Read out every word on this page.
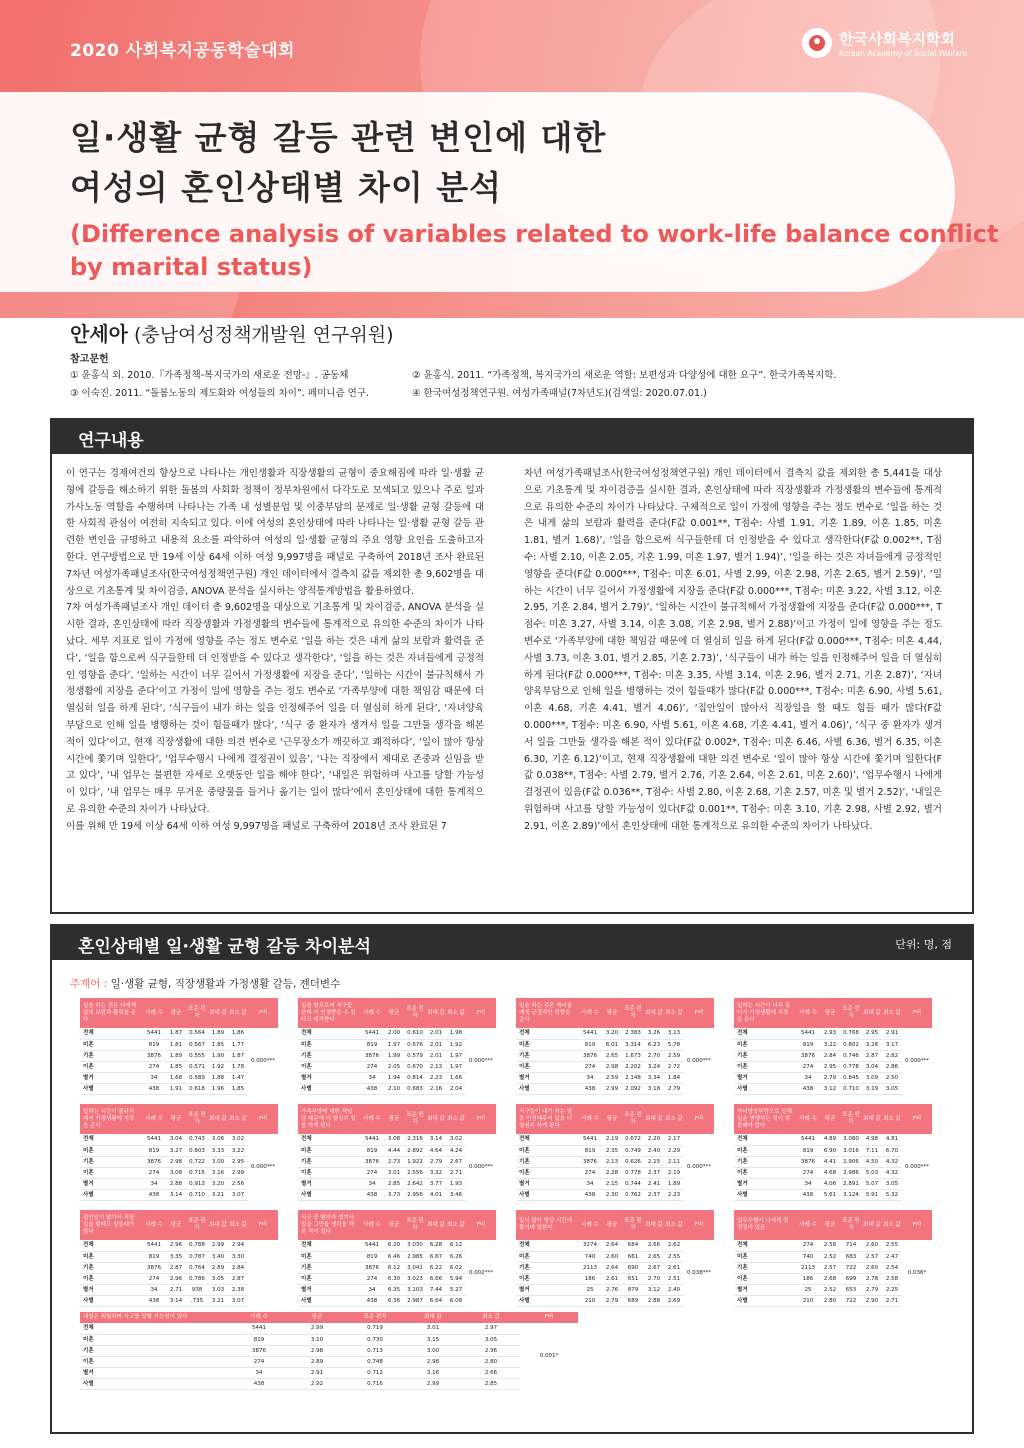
2020 사회복지공동학술대회
한국사회복지학회
Korean Academy of Social Welfare
일·생활 균형 갈등 관련 변인에 대한
여성의 혼인상태별 차이 분석
(Difference analysis of variables related to work-life balance conflict
by marital status)
안세아 (충남여성정책개발원 연구위원)
참고문헌
① 윤홍식 외. 2010.『가족정책-복지국가의 새로운 전망-』. 공동체	② 윤홍식. 2011. “가족정책, 복지국가의 새로운 역할: 보편성과 다양성에 대한 요구”. 한국가족복지학.
③ 이숙진. 2011. “돌봄노동의 제도화와 여성들의 차이”. 페미니즘 연구.	④ 한국여성정책연구원. 여성가족패널(7차년도)(검색일: 2020.07.01.)
연구내용

이 연구는 경제여건의 향상으로 나타나는 개인생활과 직장생활의 균형이 중요해짐에 따라 일·생활 균형에 갈등을 해소하기 위한 돌봄의 사회화 정책이 정부차원에서 다각도로 모색되고 있으나 주로 일과 가사노동 역할을 수행하며 나타나는 가족 내 성별분업 및 이중부담의 문제로 일·생활 균형 갈등에 대한 사회적 관심이 여전히 지속되고 있다. 이에 여성의 혼인상태에 따라 나타나는 일·생활 균형 갈등 관련한 변인을 규명하고 내용적 요소를 파악하여 여성의 일·생활 균형의 주요 영향 요인을 도출하고자 한다. 연구방법으로 만 19세 이상 64세 이하 여성 9,997명을 패널로 구축하여 2018년 조사 완료된 7차년 여성가족패널조사(한국여성정책연구원) 개인 데이터에서 결측치 값을 제외한 총 9,602명을 대상으로 기초통계 및 차이검증, ANOVA 분석을 실시하는 양적통계방법을 활용하였다.

7차 여성가족패널조사 개인 데이터 총 9,602명을 대상으로 기초통계 및 차이검증, ANOVA 분석을 실시한 결과, 혼인상태에 따라 직장생활과 가정생활의 변수들에 통계적으로 유의한 수준의 차이가 나타났다. 세부 지표로 일이 가정에 영향을 주는 정도 변수로 ‘일을 하는 것은 내게 삶의 보람과 활력을 준다’, ‘일을 함으로써 식구들한테 더 인정받을 수 있다고 생각한다’, ‘일을 하는 것은 자녀들에게 긍정적인 영향을 준다’, ‘일하는 시간이 너무 길어서 가정생활에 지장을 준다’, ‘일하는 시간이 불규칙해서 가정생활에 지장을 준다’이고 가정이 일에 영향을 주는 정도 변수로 ‘가족부양에 대한 책임감 때문에 더 열심히 일을 하게 된다’, ‘식구들이 내가 하는 일을 인정해주어 일을 더 열심히 하게 된다’, ‘자녀양육부담으로 인해 일을 병행하는 것이 힘들때가 많다’, ‘식구 중 환자가 생겨서 일을 그만둘 생각을 해본 적이 있다’이고, 현재 직장생활에 대한 의견 변수로 ‘근무장소가 깨끗하고 쾌적하다’, ‘일이 많아 항상 시간에 쫓기며 일한다’, ‘업무수행시 나에게 결정권이 있음’, ‘나는 직장에서 제대로 존중과 신임을 받고 있다’, ‘내 업무는 불편한 자세로 오랫동안 일을 해야 한다’, ‘내일은 위험하며 사고를 당할 가능성이 있다’, ‘내 업무는 매우 무거운 중량물을 들거나 옮기는 일이 많다’에서 혼인상태에 대한 통계적으로 유의한 수준의 차이가 나타났다.

이를 위해 만 19세 이상 64세 이하 여성 9,997명을 패널로 구축하여 2018년 조사 완료된 7

차년 여성가족패널조사(한국여성정책연구원) 개인 데이터에서 결측치 값을 제외한 총 5,441을 대상으로 기초통계 및 차이검증을 실시한 결과, 혼인상태에 따라 직장생활과 가정생활의 변수들에 통계적으로 유의한 수준의 차이가 나타났다. 구체적으로 일이 가정에 영향을 주는 정도 변수로 ‘일을 하는 것은 내게 삶의 보람과 활력을 준다(F값 0.001**, T점수: 사별 1.91, 기혼 1.89, 이혼 1.85, 미혼 1.81, 별거 1.68)’, ‘일을 함으로써 식구들한테 더 인정받을 수 있다고 생각한다(F값 0.002**, T점수: 사별 2.10, 이혼 2.05, 기혼 1.99, 미혼 1.97, 별거 1.94)’, ‘일을 하는 것은 자녀들에게 긍정적인 영향을 준다(F값 0.000***, T점수: 미혼 6.01, 사별 2.99, 이혼 2.98, 기혼 2.65, 별거 2.59)’, ‘일하는 시간이 너무 길어서 가정생활에 지장을 준다(F값 0.000***, T점수: 미혼 3.22, 사별 3.12, 이혼 2.95, 기혼 2.84, 별거 2.79)’, ‘일하는 시간이 불규칙해서 가정생활에 지장을 준다(F값 0.000***, T점수: 미혼 3.27, 사별 3.14, 이혼 3.08, 기혼 2.98, 별거 2.88)’이고 가정이 일에 영향을 주는 정도 변수로 ‘가족부양에 대한 책임감 때문에 더 열심히 일을 하게 된다(F값 0.000***, T점수: 미혼 4.44, 사별 3.73, 이혼 3.01, 별거 2.85, 기혼 2.73)’, ‘식구들이 내가 하는 일을 인정해주어 일을 더 열심히 하게 된다(F값 0.000***, T점수: 미혼 3.35, 사별 3.14, 이혼 2.96, 별거 2.71, 기혼 2.87)’, ‘자녀양육부담으로 인해 일을 병행하는 것이 힘들때가 많다(F값 0.000***, T점수: 미혼 6.90, 사별 5.61, 이혼 4.68, 기혼 4.41, 별거 4.06)’, ‘집안일이 많아서 직장일을 할 때도 힘들 때가 많다(F값 0.000***, T점수: 미혼 6.90, 사별 5.61, 이혼 4.68, 기혼 4.41, 별거 4.06)’, ‘식구 중 환자가 생겨서 일을 그만둘 생각을 해본 적이 있다(F값 0.002*, T점수: 미혼 6.46, 사별 6.36, 별거 6.35, 이혼 6.30, 기혼 6.12)’이고, 현재 직장생활에 대한 의견 변수로 ‘일이 많아 항상 시간에 쫓기며 일한다(F값 0.038**, T점수: 사별 2.79, 별거 2.76, 기혼 2.64, 이혼 2.61, 미혼 2.60)’, ‘업무수행시 나에게 결정권이 있음(F값 0.036**, T점수: 사별 2.80, 이혼 2.68, 기혼 2.57, 미혼 및 별거 2.52)’, ‘내일은 위험하며 사고를 당할 가능성이 있다(F값 0.001**, T점수: 미혼 3.10, 기혼 2.98, 사별 2.92, 별거 2.91, 이혼 2.89)’에서 혼인상태에 대한 통계적으로 유의한 수준의 차이가 나타났다.

혼인상태별 일·생활 균형 갈등 차이분석	단위: 명, 점
주제어 : 일·생활 균형, 직장생활과 가정생활 갈등, 젠더변수
일을 하는 것은 나에게 삶의 보람과 활력을 준다	사례 수	평균	표준 편차	최대 값	최소 값	F비
전체	5441	1.87	0.564	1.89	1.86	0.000***
미혼	819	1.81	0.567	1.85	1.77	
기혼	3876	1.89	0.555	1.90	1.87	
이혼	274	1.85	0.571	1.92	1.78	
별거	34	1.68	0.589	1.88	1.47	
사별	438	1.91	0.618	1.96	1.85	
일을 함으로써 식구들한테 더 인정받을 수 있다고 생각한다	사례 수	평균	표준 편차	최대 값	최소 값	F비
전체	5441	2.00	0.610	2.01	1.98	0.000***
미혼	819	1.97	0.676	2.01	1.92	
기혼	3876	1.99	0.579	2.01	1.97	
이혼	274	2.05	0.670	2.13	1.97	
별거	34	1.94	0.814	2.23	1.66	
사별	438	2.10	0.683	2.16	2.04	
일을 하는 것은 자녀들에게 긍정적인 영향을 준다	사례 수	평균	표준 편차	최대 값	최소 값	F비
전체	5441	3.20	2.383	3.26	3.13	0.000***
미혼	819	6.01	3.314	6.23	5.78	
기혼	3876	2.65	1.673	2.70	2.59	
이혼	274	2.98	2.202	3.24	2.72	
별거	34	2.59	2.148	3.34	1.84	
사별	438	2.99	2.092	3.18	2.79	
일하는 시간이 너무 길어서 가정생활에 지장을 준다	사례 수	평균	표준 편차	최대 값	최소 값	F비
전체	5441	2.93	0.768	2.95	2.91	0.000***
미혼	819	3.22	0.802	3.28	3.17	
기혼	3876	2.84	0.746	2.87	2.82	
이혼	274	2.95	0.778	3.04	2.86	
별거	34	2.79	0.845	3.09	2.50	
사별	438	3.12	0.710	3.19	3.05	
일하는 시간이 불규칙해서 가정생활에 지장을 준다	사례 수	평균	표준 편차	최대 값	최소 값	F비
전체	5441	3.04	0.743	3.06	3.02	0.000***
미혼	819	3.27	0.803	3.33	3.22	
기혼	3876	2.98	0.722	3.00	2.95	
이혼	274	3.08	0.715	3.16	2.99	
별거	34	2.88	0.913	3.20	2.56	
사별	438	3.14	0.710	3.21	3.07	
가족부양에 대한 책임감 때문에 더 열심히 일을 하게 된다	사례 수	평균	표준 편차	최대 값	최소 값	F비
전체	5441	3.08	2.316	3.14	3.02	0.000***
미혼	819	4.44	2.892	4.64	4.24	
기혼	3876	2.73	1.922	2.79	2.67	
이혼	274	3.01	2.556	3.32	2.71	
별거	34	2.85	2.642	3.77	1.93	
사별	438	3.73	2.956	4.01	3.46	
식구들이 내가 하는 일을 인정해주어 일을 더 열심히 하게 된다	사례 수	평균	표준 편차	최대 값	최소 값	F비
전체	5441	2.19	0.672	2.20	2.17	0.000***
미혼	819	2.35	0.749	2.40	2.29	
기혼	3876	2.13	0.626	2.15	2.11	
이혼	274	2.28	0.778	2.37	2.19	
별거	34	2.15	0.744	2.41	1.89	
사별	438	2.30	0.762	2.37	2.23	
자녀양육부담으로 인해 일을 병행하는 것이 힘들때가 많다	사례 수	평균	표준 편차	최대 값	최소 값	F비
전체	5441	4.89	3.080	4.98	4.81	0.000***
미혼	819	6.90	3.016	7.11	6.70	
기혼	3876	4.41	2.906	4.50	4.32	
이혼	274	4.68	2.986	5.03	4.32	
별거	34	4.06	2.891	5.07	3.05	
사별	438	5.61	3.124	5.91	5.32	
집안일이 많아서 직장일을 할때도 힘들때가 많다	사례 수	평균	표준 편차	최대 값	최소 값	F비
전체	5441	2.96	0.788	2.99	2.94	
미혼	819	3.35	0.787	3.40	3.30	
기혼	3876	2.87	0.764	2.89	2.84	
이혼	274	2.96	0.786	3.05	2.87	
별거	34	2.71	938	3.03	2.38	
사별	438	3.14	.735	3.21	3.07	
식구 중 환자가 생겨서 일을 그만둘 생각을 해본 적이 있다	사례 수	평균	표준 편차	최대 값	최소 값	F비
전체	5441	6.20	3.030	6.28	6.12	0.002***
미혼	819	6.46	2.985	6.67	6.26	
기혼	3876	6.12	3.041	6.22	6.02	
이혼	274	6.30	3.023	6.66	5.94	
별거	34	6.35	3.103	7.44	5.27	
사별	438	6.36	2.987	6.64	6.08	
일이 많아 항상 시간에 쫓기며 일한다	사례 수	평균	표준 편차	최대 값	최소 값	F비
전체	3274	2.64	684	2.66	2.62	0.038***
미혼	740	2.60	661	2.65	2.55	
기혼	2113	2.64	690	2.67	2.61	
이혼	186	2.61	651	2.70	2.51	
별거	25	2.76	879	3.12	2.40	
사별	210	2.79	689	2.88	2.69	
업무수행시 나에게 결정권이 있음	사례 수	평균	표준 편차	최대 값	최소 값	F비
전체	274	2.58	714	2.60	2.55	0.036*
미혼	740	2.52	683	2.57	2.47	
기혼	2113	2.57	722	2.60	2.54	
이혼	186	2.68	699	2.78	2.58	
별거	25	2.52	653	2.79	2.25	
사별	210	2.80	722	2.90	2.71	
내일은 위험하며 사고를 당할 가능성이 있다	사례 수	평균	표준 편차	최대 값	최소 값	F비
전체	5441	2.99	0.719	3.01	2.97	0.001*
미혼	819	3.10	0.730	3.15	3.05	
기혼	3876	2.98	0.713	3.00	2.96	
이혼	274	2.89	0.748	2.98	2.80	
별거	34	2.91	0.712	3.16	2.66	
사별	438	2.92	0.716	2.99	2.85	
